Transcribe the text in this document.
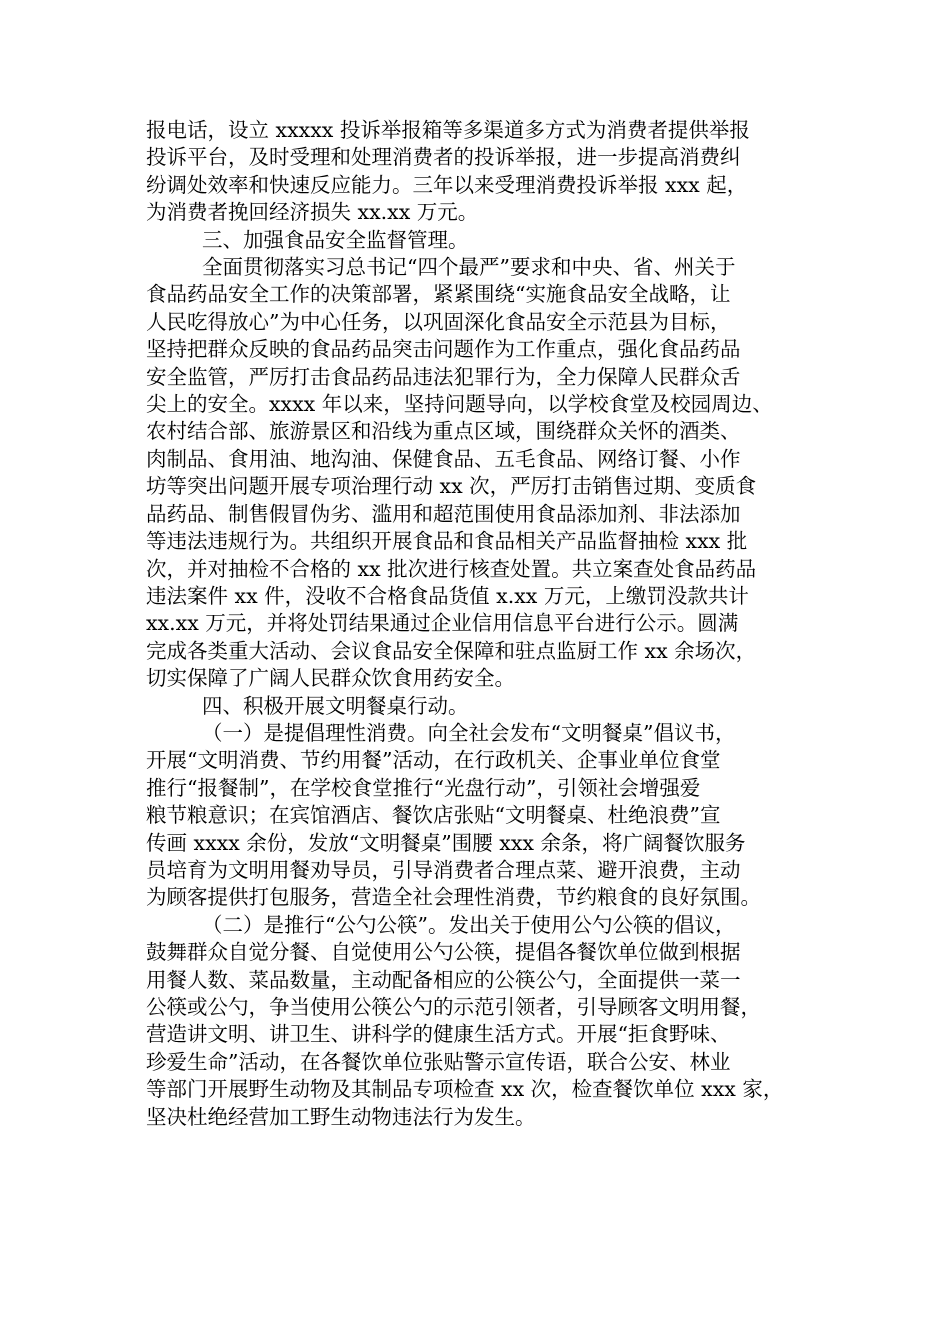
报电话，设立 xxxxx 投诉举报箱等多渠道多方式为消费者提供举报
投诉平台，及时受理和处理消费者的投诉举报，进一步提高消费纠
纷调处效率和快速反应能力。三年以来受理消费投诉举报 xxx 起，
为消费者挽回经济损失 xx.xx 万元。
三、加强食品安全监督管理。
全面贯彻落实习总书记“四个最严”要求和中央、省、州关于
食品药品安全工作的决策部署，紧紧围绕“实施食品安全战略，让
人民吃得放心”为中心任务，以巩固深化食品安全示范县为目标，
坚持把群众反映的食品药品突击问题作为工作重点，强化食品药品
安全监管，严厉打击食品药品违法犯罪行为，全力保障人民群众舌
尖上的安全。xxxx 年以来，坚持问题导向，以学校食堂及校园周边、
农村结合部、旅游景区和沿线为重点区域，围绕群众关怀的酒类、
肉制品、食用油、地沟油、保健食品、五毛食品、网络订餐、小作
坊等突出问题开展专项治理行动 xx 次，严厉打击销售过期、变质食
品药品、制售假冒伪劣、滥用和超范围使用食品添加剂、非法添加
等违法违规行为。共组织开展食品和食品相关产品监督抽检 xxx 批
次，并对抽检不合格的 xx 批次进行核查处置。共立案查处食品药品
违法案件 xx 件，没收不合格食品货值 x.xx 万元，上缴罚没款共计
xx.xx 万元，并将处罚结果通过企业信用信息平台进行公示。圆满
完成各类重大活动、会议食品安全保障和驻点监厨工作 xx 余场次，
切实保障了广阔人民群众饮食用药安全。
四、积极开展文明餐桌行动。
（一）是提倡理性消费。向全社会发布“文明餐桌”倡议书，
开展“文明消费、节约用餐”活动，在行政机关、企事业单位食堂
推行“报餐制”，在学校食堂推行“光盘行动”，引领社会增强爱
粮节粮意识；在宾馆酒店、餐饮店张贴“文明餐桌、杜绝浪费”宣
传画 xxxx 余份，发放“文明餐桌”围腰 xxx 余条，将广阔餐饮服务
员培育为文明用餐劝导员，引导消费者合理点菜、避开浪费，主动
为顾客提供打包服务，营造全社会理性消费，节约粮食的良好氛围。
（二）是推行“公勺公筷”。发出关于使用公勺公筷的倡议，
鼓舞群众自觉分餐、自觉使用公勺公筷，提倡各餐饮单位做到根据
用餐人数、菜品数量，主动配备相应的公筷公勺，全面提供一菜一
公筷或公勺，争当使用公筷公勺的示范引领者，引导顾客文明用餐，
营造讲文明、讲卫生、讲科学的健康生活方式。开展“拒食野味、
珍爱生命”活动，在各餐饮单位张贴警示宣传语，联合公安、林业
等部门开展野生动物及其制品专项检查 xx 次，检查餐饮单位 xxx 家，
坚决杜绝经营加工野生动物违法行为发生。
